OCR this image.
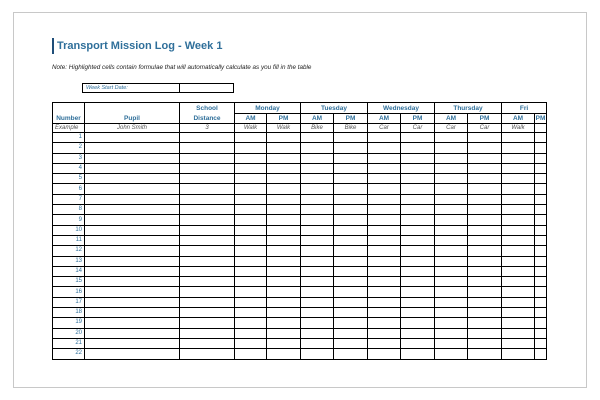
Transport Mission Log - Week 1
Note: Highlighted cells contain formulae that will automatically calculate as you fill in the table
Week Start Date:
		School	Monday		Tuesday		Wednesday		Thursday		Fri	
Number	Pupil	Distance	AM	PM	AM	PM	AM	PM	AM	PM	AM	PM
Example	John Smith	3	Walk	Walk	Bike	Bike	Car	Car	Car	Car	Walk	
1												
2												
3												
4												
5												
6												
7												
8												
9												
10												
11												
12												
13												
14												
15												
16												
17												
18												
19												
20												
21												
22												
